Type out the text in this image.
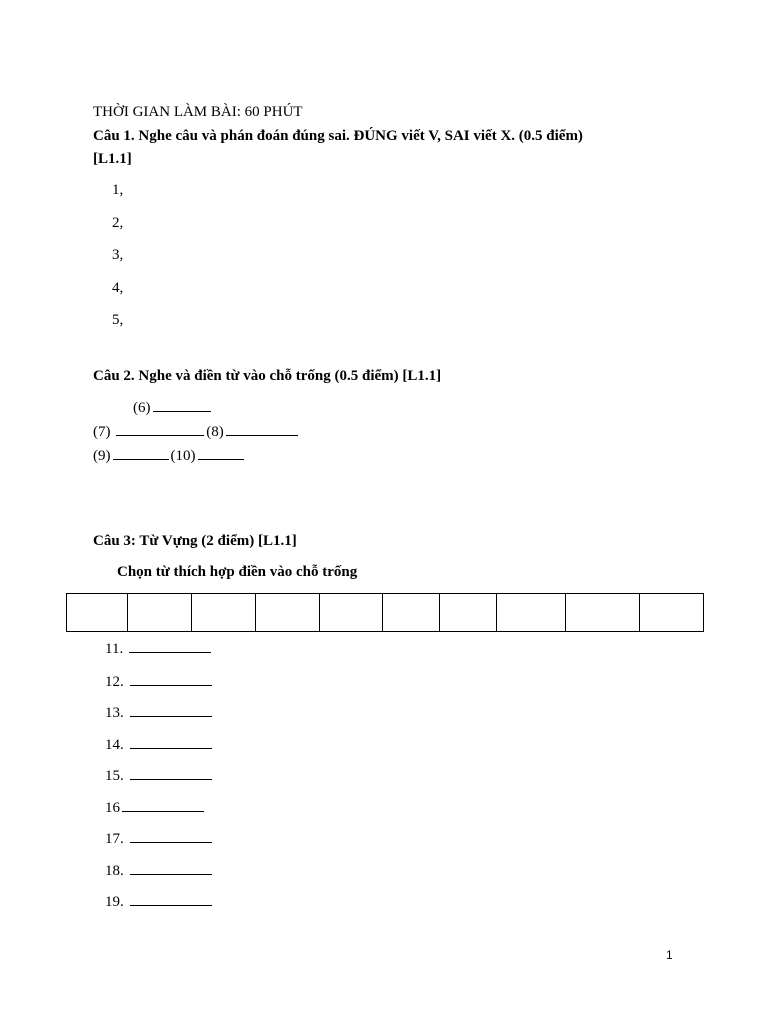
THỜI GIAN LÀM BÀI: 60 PHÚT
Câu 1. Nghe câu và phán đoán đúng sai. ĐÚNG viết V, SAI viết X. (0.5 điểm)
[L1.1]
1,
2,
3,
4,
5,
Câu 2. Nghe và điền từ vào chỗ trống (0.5 điểm) [L1.1]
(6)
(7)	(8)
(9)	(10)
Câu 3: Từ Vựng (2 điểm) [L1.1]
Chọn từ thích hợp điền vào chỗ trống

11.
12.
13.
14.
15.
16
17.
18.
19.
1
